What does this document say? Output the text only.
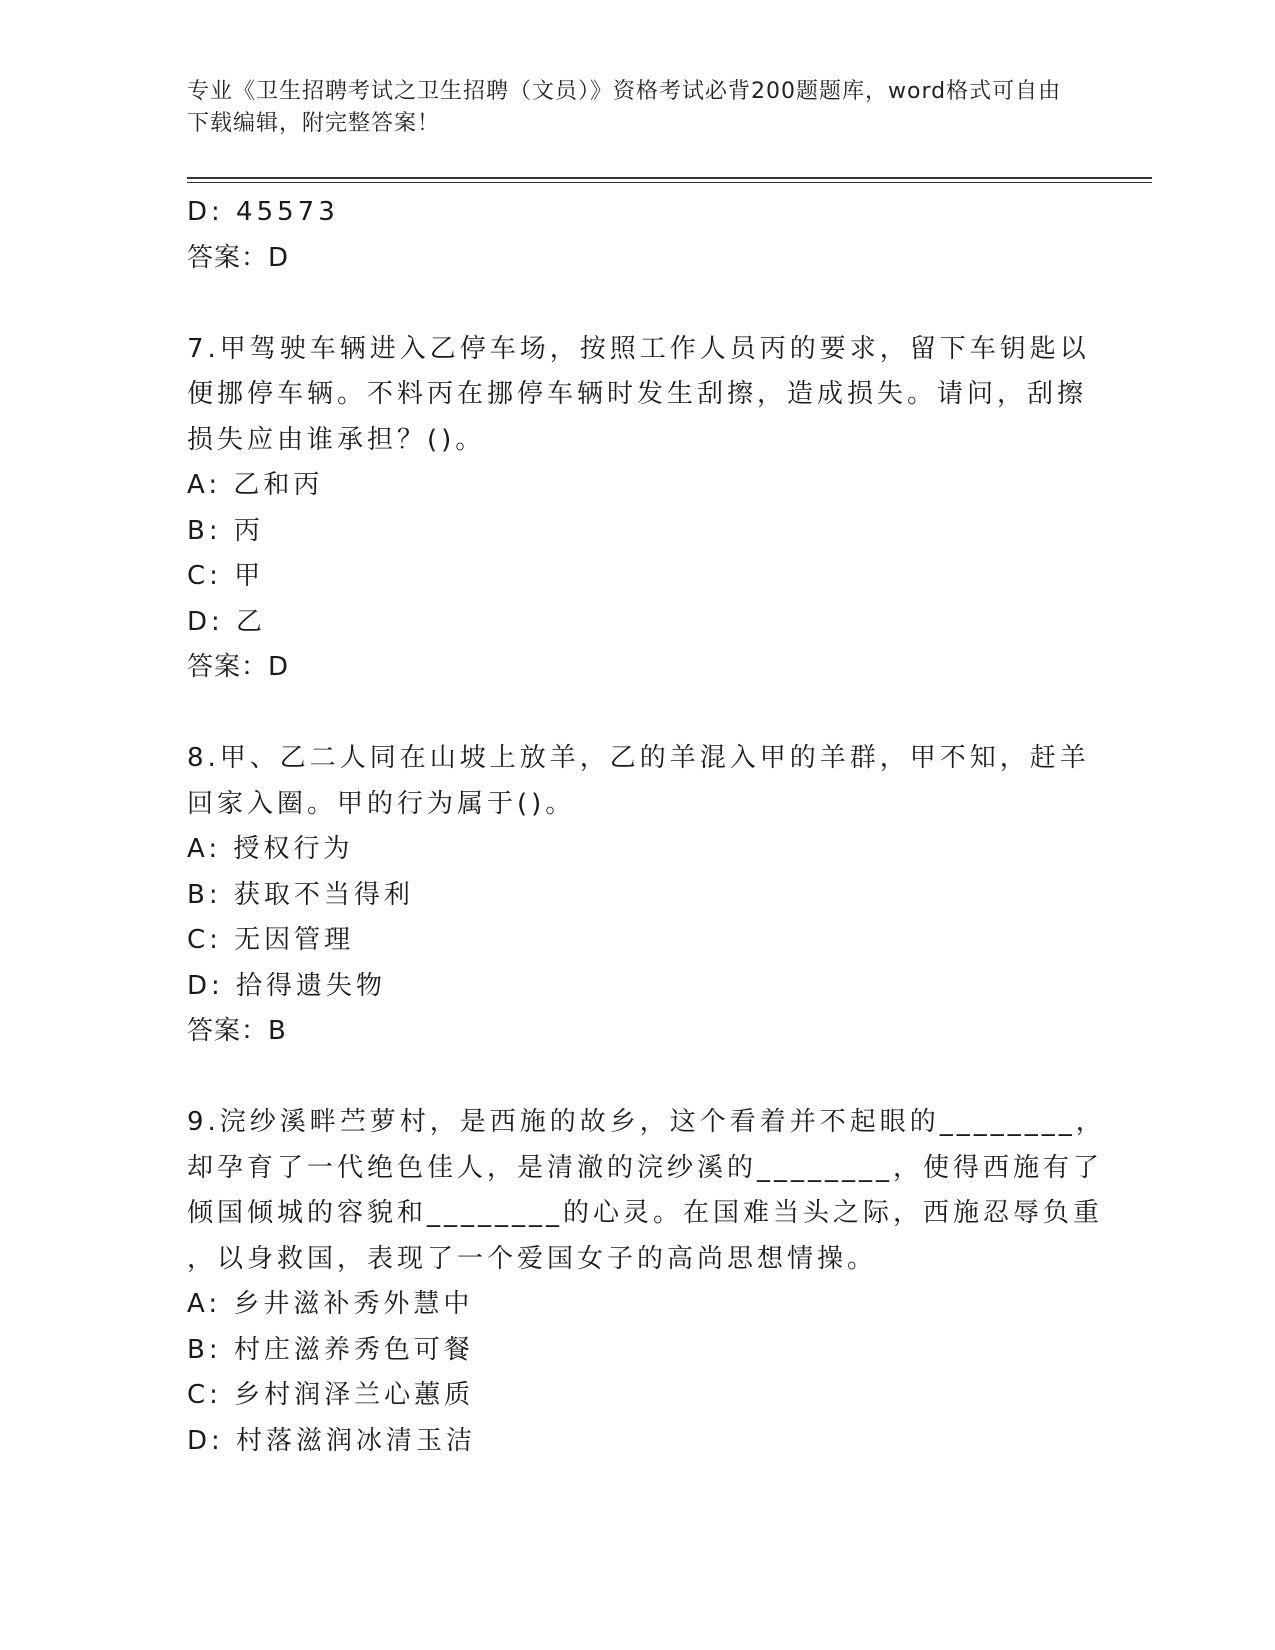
专业《卫生招聘考试之卫生招聘（文员）》资格考试必背200题题库，word格式可自由下载编辑，附完整答案！
D: 45573
答案：D
7.甲驾驶车辆进入乙停车场，按照工作人员丙的要求，留下车钥匙以
便挪停车辆。不料丙在挪停车辆时发生刮擦，造成损失。请问，刮擦
损失应由谁承担？()。
A: 乙和丙
B: 丙
C: 甲
D: 乙
答案：D
8.甲、乙二人同在山坡上放羊，乙的羊混入甲的羊群，甲不知，赶羊
回家入圈。甲的行为属于()。
A: 授权行为
B: 获取不当得利
C: 无因管理
D: 拾得遗失物
答案：B
9.浣纱溪畔苎萝村，是西施的故乡，这个看着并不起眼的________，
却孕育了一代绝色佳人，是清澈的浣纱溪的________，使得西施有了
倾国倾城的容貌和________的心灵。在国难当头之际，西施忍辱负重
，以身救国，表现了一个爱国女子的高尚思想情操。
A: 乡井滋补秀外慧中
B: 村庄滋养秀色可餐
C: 乡村润泽兰心蕙质
D: 村落滋润冰清玉洁
